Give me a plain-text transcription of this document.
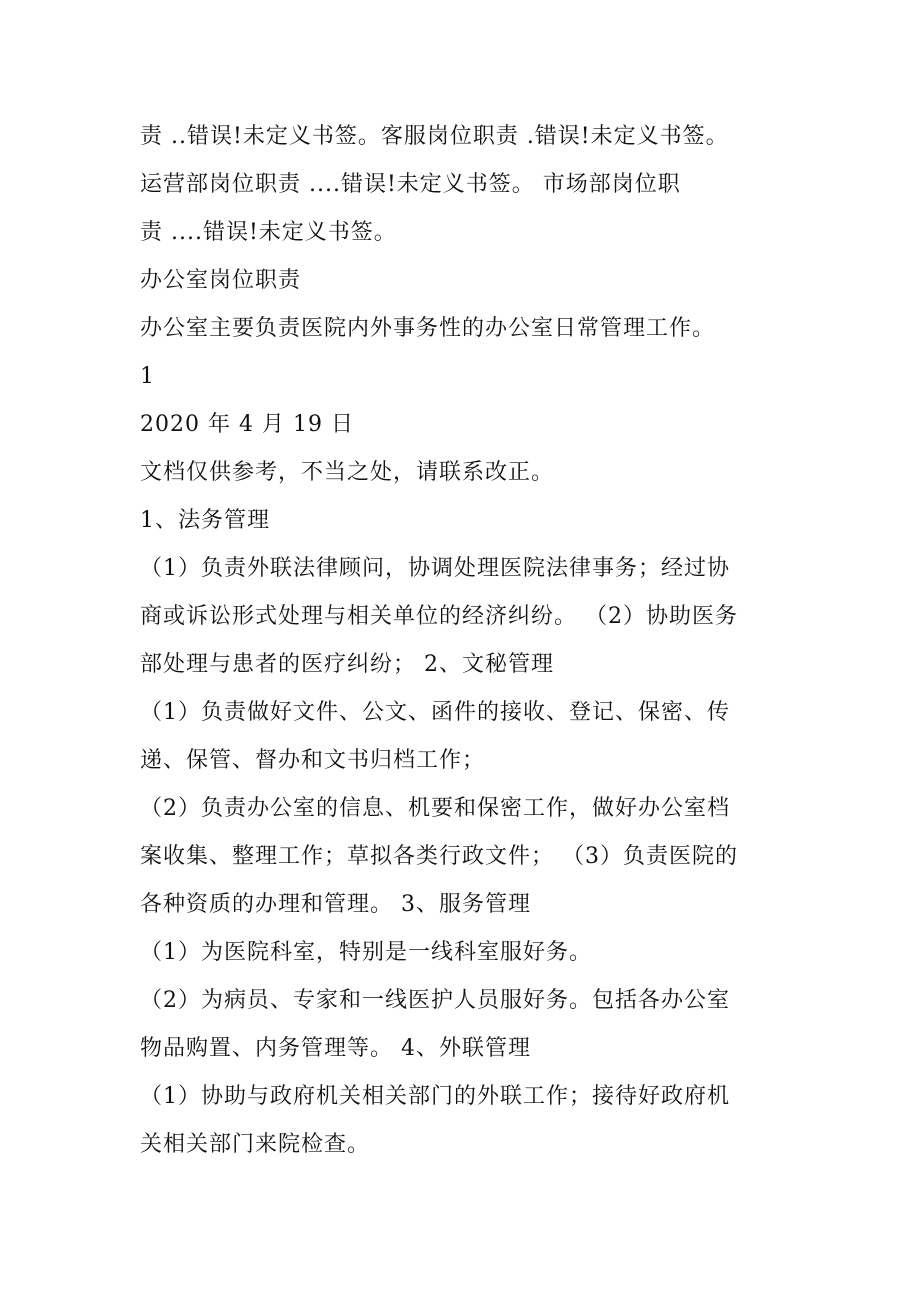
责 ..错误!未定义书签。客服岗位职责 .错误!未定义书签。
运营部岗位职责 ....错误!未定义书签。 市场部岗位职
责 ....错误!未定义书签。
办公室岗位职责
办公室主要负责医院内外事务性的办公室日常管理工作。
1
2020 年 4 月 19 日
文档仅供参考，不当之处，请联系改正。
1、法务管理
（1）负责外联法律顾问，协调处理医院法律事务；经过协
商或诉讼形式处理与相关单位的经济纠纷。 （2）协助医务
部处理与患者的医疗纠纷； 2、文秘管理
（1）负责做好文件、公文、函件的接收、登记、保密、传
递、保管、督办和文书归档工作；
（2）负责办公室的信息、机要和保密工作，做好办公室档
案收集、整理工作；草拟各类行政文件； （3）负责医院的
各种资质的办理和管理。 3、服务管理
（1）为医院科室，特别是一线科室服好务。
（2）为病员、专家和一线医护人员服好务。包括各办公室
物品购置、内务管理等。 4、外联管理
（1）协助与政府机关相关部门的外联工作；接待好政府机
关相关部门来院检查。
